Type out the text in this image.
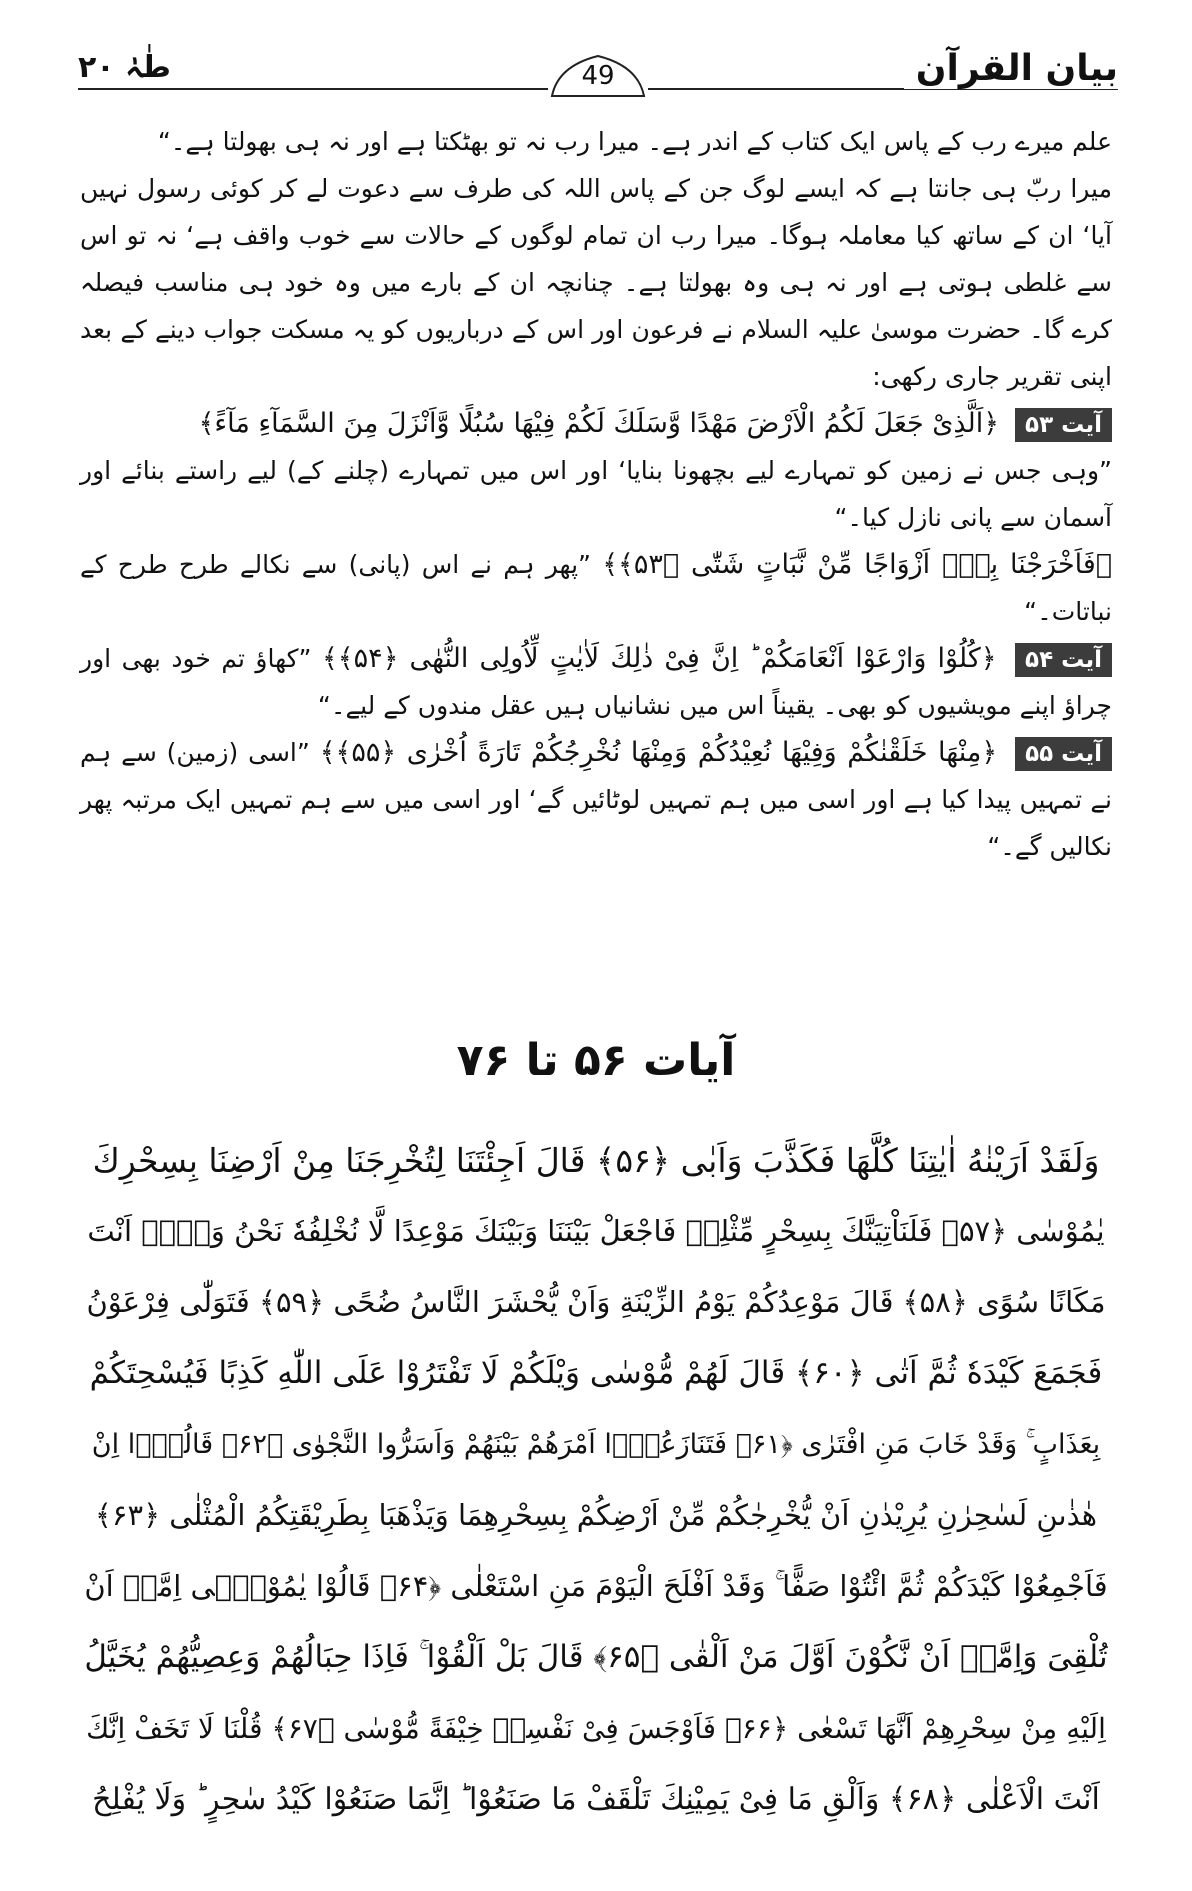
بیان القرآن
طٰہٰ ۲۰	49

علم میرے رب کے پاس ایک کتاب کے اندر ہے۔ میرا رب نہ تو بھٹکتا ہے اور نہ ہی بھولتا ہے۔“

میرا ربّ ہی جانتا ہے کہ ایسے لوگ جن کے پاس اللہ کی طرف سے دعوت لے کر کوئی رسول نہیں آیا‘ ان کے ساتھ کیا معاملہ ہوگا۔ میرا رب ان تمام لوگوں کے حالات سے خوب واقف ہے‘ نہ تو اس سے غلطی ہوتی ہے اور نہ ہی وہ بھولتا ہے۔ چنانچہ ان کے بارے میں وہ خود ہی مناسب فیصلہ کرے گا۔ حضرت موسیٰ علیہ السلام نے فرعون اور اس کے درباریوں کو یہ مسکت جواب دینے کے بعد اپنی تقریر جاری رکھی:

آیت ۵۳ ﴿اَلَّذِیْ جَعَلَ لَكُمُ الْاَرْضَ مَهْدًا وَّسَلَكَ لَكُمْ فِیْهَا سُبُلًا وَّاَنْزَلَ مِنَ السَّمَآءِ مَآءً﴾

”وہی جس نے زمین کو تمہارے لیے بچھونا بنایا‘ اور اس میں تمہارے (چلنے کے) لیے راستے بنائے اور آسمان سے پانی نازل کیا۔“

﴿فَاَخْرَجْنَا بِهٖۤ اَزْوَاجًا مِّنْ نَّبَاتٍ شَتّٰی ﴿۵۳﴾﴾ ”پھر ہم نے اس (پانی) سے نکالے طرح طرح کے نباتات۔“

آیت ۵۴ ﴿كُلُوْا وَارْعَوْا اَنْعَامَكُمْ ؕ اِنَّ فِیْ ذٰلِكَ لَاٰیٰتٍ لِّاُولِی النُّهٰی ﴿۵۴﴾﴾ ”کھاؤ تم خود بھی اور چراؤ اپنے مویشیوں کو بھی۔ یقیناً اس میں نشانیاں ہیں عقل مندوں کے لیے۔“

آیت ۵۵ ﴿مِنْهَا خَلَقْنٰكُمْ وَفِیْهَا نُعِیْدُكُمْ وَمِنْهَا نُخْرِجُكُمْ تَارَةً اُخْرٰی ﴿۵۵﴾﴾ ”اسی (زمین) سے ہم نے تمہیں پیدا کیا ہے اور اسی میں ہم تمہیں لوٹائیں گے‘ اور اسی میں سے ہم تمہیں ایک مرتبہ پھر نکالیں گے۔“

آیات ۵۶ تا ۷۶

وَلَقَدْ اَرَیْنٰهُ اٰیٰتِنَا كُلَّهَا فَكَذَّبَ وَاَبٰی ﴿۵۶﴾ قَالَ اَجِئْتَنَا لِتُخْرِجَنَا مِنْ اَرْضِنَا بِسِحْرِكَ

یٰمُوْسٰی ﴿۵۷﴾ فَلَنَاْتِیَنَّكَ بِسِحْرٍ مِّثْلِهٖ فَاجْعَلْ بَیْنَنَا وَبَیْنَكَ مَوْعِدًا لَّا نُخْلِفُهٗ نَحْنُ وَلَاۤ اَنْتَ

مَكَانًا سُوًی ﴿۵۸﴾ قَالَ مَوْعِدُكُمْ یَوْمُ الزِّیْنَةِ وَاَنْ یُّحْشَرَ النَّاسُ ضُحًی ﴿۵۹﴾ فَتَوَلّٰی فِرْعَوْنُ

فَجَمَعَ كَیْدَهٗ ثُمَّ اَتٰی ﴿۶۰﴾ قَالَ لَهُمْ مُّوْسٰی وَیْلَكُمْ لَا تَفْتَرُوْا عَلَی اللّٰهِ كَذِبًا فَیُسْحِتَكُمْ

بِعَذَابٍ ۚ وَقَدْ خَابَ مَنِ افْتَرٰی ﴿۶۱﴾ فَتَنَازَعُوْۤا اَمْرَهُمْ بَیْنَهُمْ وَاَسَرُّوا النَّجْوٰی ﴿۶۲﴾ قَالُوْۤا اِنْ

هٰذٰىنِ لَسٰحِرٰنِ یُرِیْدٰنِ اَنْ یُّخْرِجٰكُمْ مِّنْ اَرْضِكُمْ بِسِحْرِهِمَا وَیَذْهَبَا بِطَرِیْقَتِكُمُ الْمُثْلٰی ﴿۶۳﴾

فَاَجْمِعُوْا كَیْدَكُمْ ثُمَّ ائْتُوْا صَفًّا ۚ وَقَدْ اَفْلَحَ الْیَوْمَ مَنِ اسْتَعْلٰی ﴿۶۴﴾ قَالُوْا یٰمُوْسٰۤی اِمَّاۤ اَنْ

تُلْقِیَ وَاِمَّاۤ اَنْ نَّكُوْنَ اَوَّلَ مَنْ اَلْقٰی ﴿۶۵﴾ قَالَ بَلْ اَلْقُوْا ۚ فَاِذَا حِبَالُهُمْ وَعِصِیُّهُمْ یُخَیَّلُ

اِلَیْهِ مِنْ سِحْرِهِمْ اَنَّهَا تَسْعٰی ﴿۶۶﴾ فَاَوْجَسَ فِیْ نَفْسِهٖ خِیْفَةً مُّوْسٰی ﴿۶۷﴾ قُلْنَا لَا تَخَفْ اِنَّكَ

اَنْتَ الْاَعْلٰی ﴿۶۸﴾ وَاَلْقِ مَا فِیْ یَمِیْنِكَ تَلْقَفْ مَا صَنَعُوْا ؕ اِنَّمَا صَنَعُوْا كَیْدُ سٰحِرٍ ؕ وَلَا یُفْلِحُ
